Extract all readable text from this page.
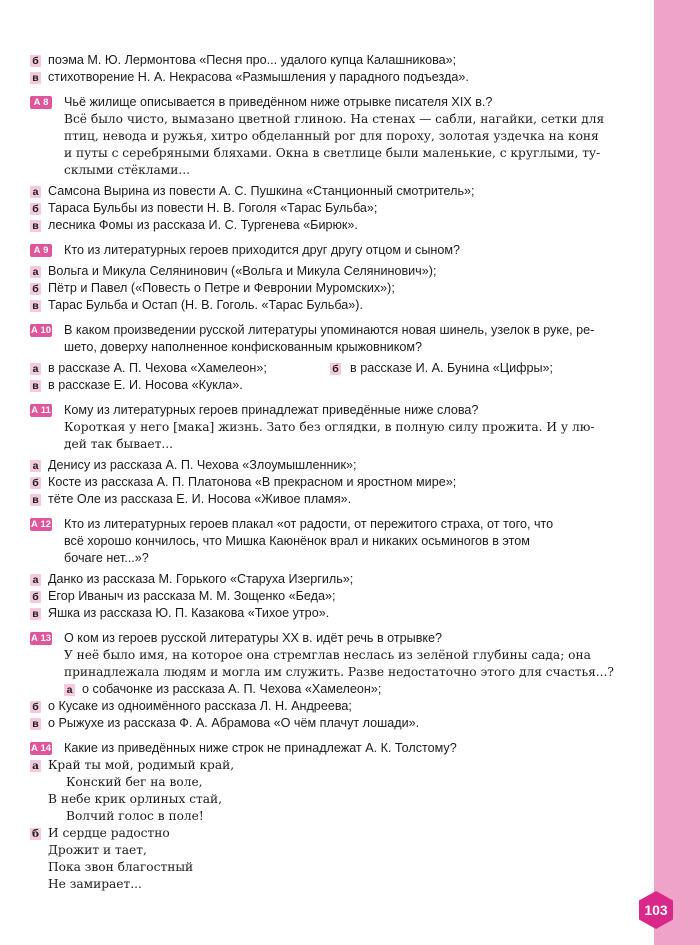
б поэма М. Ю. Лермонтова «Песня про... удалого купца Калашникова»;
в стихотворение Н. А. Некрасова «Размышления у парадного подъезда».
А 8 Чьё жилище описывается в приведённом ниже отрывке писателя XIX в.?
Всё было чисто, вымазано цветной глиною. На стенах — сабли, нагайки, сетки для
птиц, невода и ружья, хитро обделанный рог для пороху, золотая уздечка на коня
и путы с серебряными бляхами. Окна в светлице были маленькие, с круглыми, ту-
склыми стёклами...
а Самсона Вырина из повести А. С. Пушкина «Станционный смотритель»;
б Тараса Бульбы из повести Н. В. Гоголя «Тарас Бульба»;
в лесника Фомы из рассказа И. С. Тургенева «Бирюк».
А 9 Кто из литературных героев приходится друг другу отцом и сыном?
а Вольга и Микула Селянинович («Вольга и Микула Селянинович»);
б Пётр и Павел («Повесть о Петре и Февронии Муромских»);
в Тарас Бульба и Остап (Н. В. Гоголь. «Тарас Бульба»).
А 10 В каком произведении русской литературы упоминаются новая шинель, узелок в руке, ре-
шето, доверху наполненное конфискованным крыжовником?
а в рассказе А. П. Чехова «Хамелеон»;	б в рассказе И. А. Бунина «Цифры»;
в в рассказе Е. И. Носова «Кукла».
А 11 Кому из литературных героев принадлежат приведённые ниже слова?
Короткая у него [мака] жизнь. Зато без оглядки, в полную силу прожита. И у лю-
дей так бывает...
а Денису из рассказа А. П. Чехова «Злоумышленник»;
б Косте из рассказа А. П. Платонова «В прекрасном и яростном мире»;
в тёте Оле из рассказа Е. И. Носова «Живое пламя».
А 12 Кто из литературных героев плакал «от радости, от пережитого страха, от того, что
всё хорошо кончилось, что Мишка Каюнёнок врал и никаких осьминогов в этом
бочаге нет...»?
а Данко из рассказа М. Горького «Старуха Изергиль»;
б Егор Иваныч из рассказа М. М. Зощенко «Беда»;
в Яшка из рассказа Ю. П. Казакова «Тихое утро».
А 13 О ком из героев русской литературы XX в. идёт речь в отрывке?
У неё было имя, на которое она стремглав неслась из зелёной глубины сада; она
принадлежала людям и могла им служить. Разве недостаточно этого для счастья...?
а о собачонке из рассказа А. П. Чехова «Хамелеон»;
б о Кусаке из одноимённого рассказа Л. Н. Андреева;
в о Рыжухе из рассказа Ф. А. Абрамова «О чём плачут лошади».
А 14 Какие из приведённых ниже строк не принадлежат А. К. Толстому?
а Край ты мой, родимый край,
Конский бег на воле,
В небе крик орлиных стай,
Волчий голос в поле!
б И сердце радостно
Дрожит и тает,
Пока звон благостный
Не замирает...
103
